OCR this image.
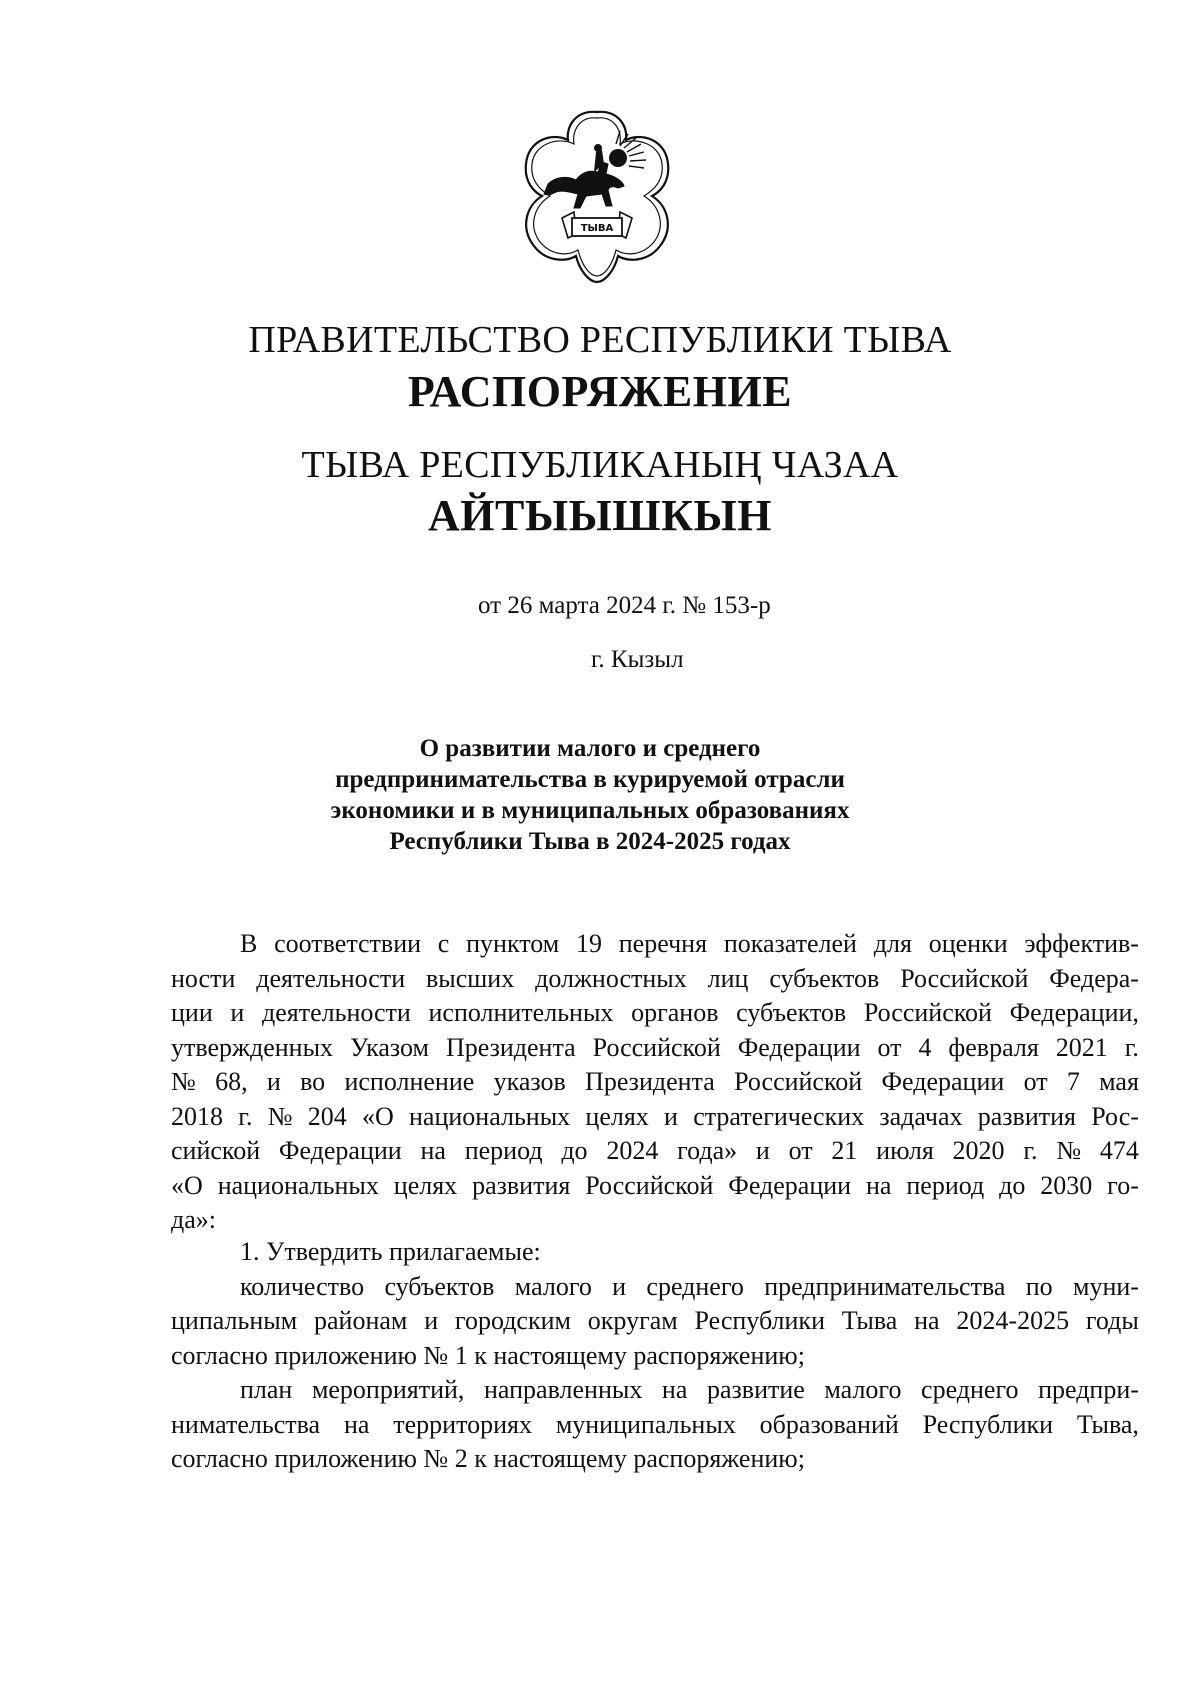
ТЫВА
ПРАВИТЕЛЬСТВО РЕСПУБЛИКИ ТЫВА
РАСПОРЯЖЕНИЕ
ТЫВА РЕСПУБЛИКАНЫҢ ЧАЗАА
АЙТЫЫШКЫН
от 26 марта 2024 г. № 153-р
г. Кызыл
О развитии малого и среднего
предпринимательства в курируемой отрасли
экономики и в муниципальных образованиях
Республики Тыва в 2024-2025 годах
В соответствии с пунктом 19 перечня показателей для оценки эффектив-
ности деятельности высших должностных лиц субъектов Российской Федера-
ции и деятельности исполнительных органов субъектов Российской Федерации,
утвержденных Указом Президента Российской Федерации от 4 февраля 2021 г.
№ 68, и во исполнение указов Президента Российской Федерации от 7 мая
2018 г. № 204 «О национальных целях и стратегических задачах развития Рос-
сийской Федерации на период до 2024 года» и от 21 июля 2020 г. № 474
«О национальных целях развития Российской Федерации на период до 2030 го-
да»:
1. Утвердить прилагаемые:
количество субъектов малого и среднего предпринимательства по муни-
ципальным районам и городским округам Республики Тыва на 2024-2025 годы
согласно приложению № 1 к настоящему распоряжению;
план мероприятий, направленных на развитие малого среднего предпри-
нимательства на территориях муниципальных образований Республики Тыва,
согласно приложению № 2 к настоящему распоряжению;
